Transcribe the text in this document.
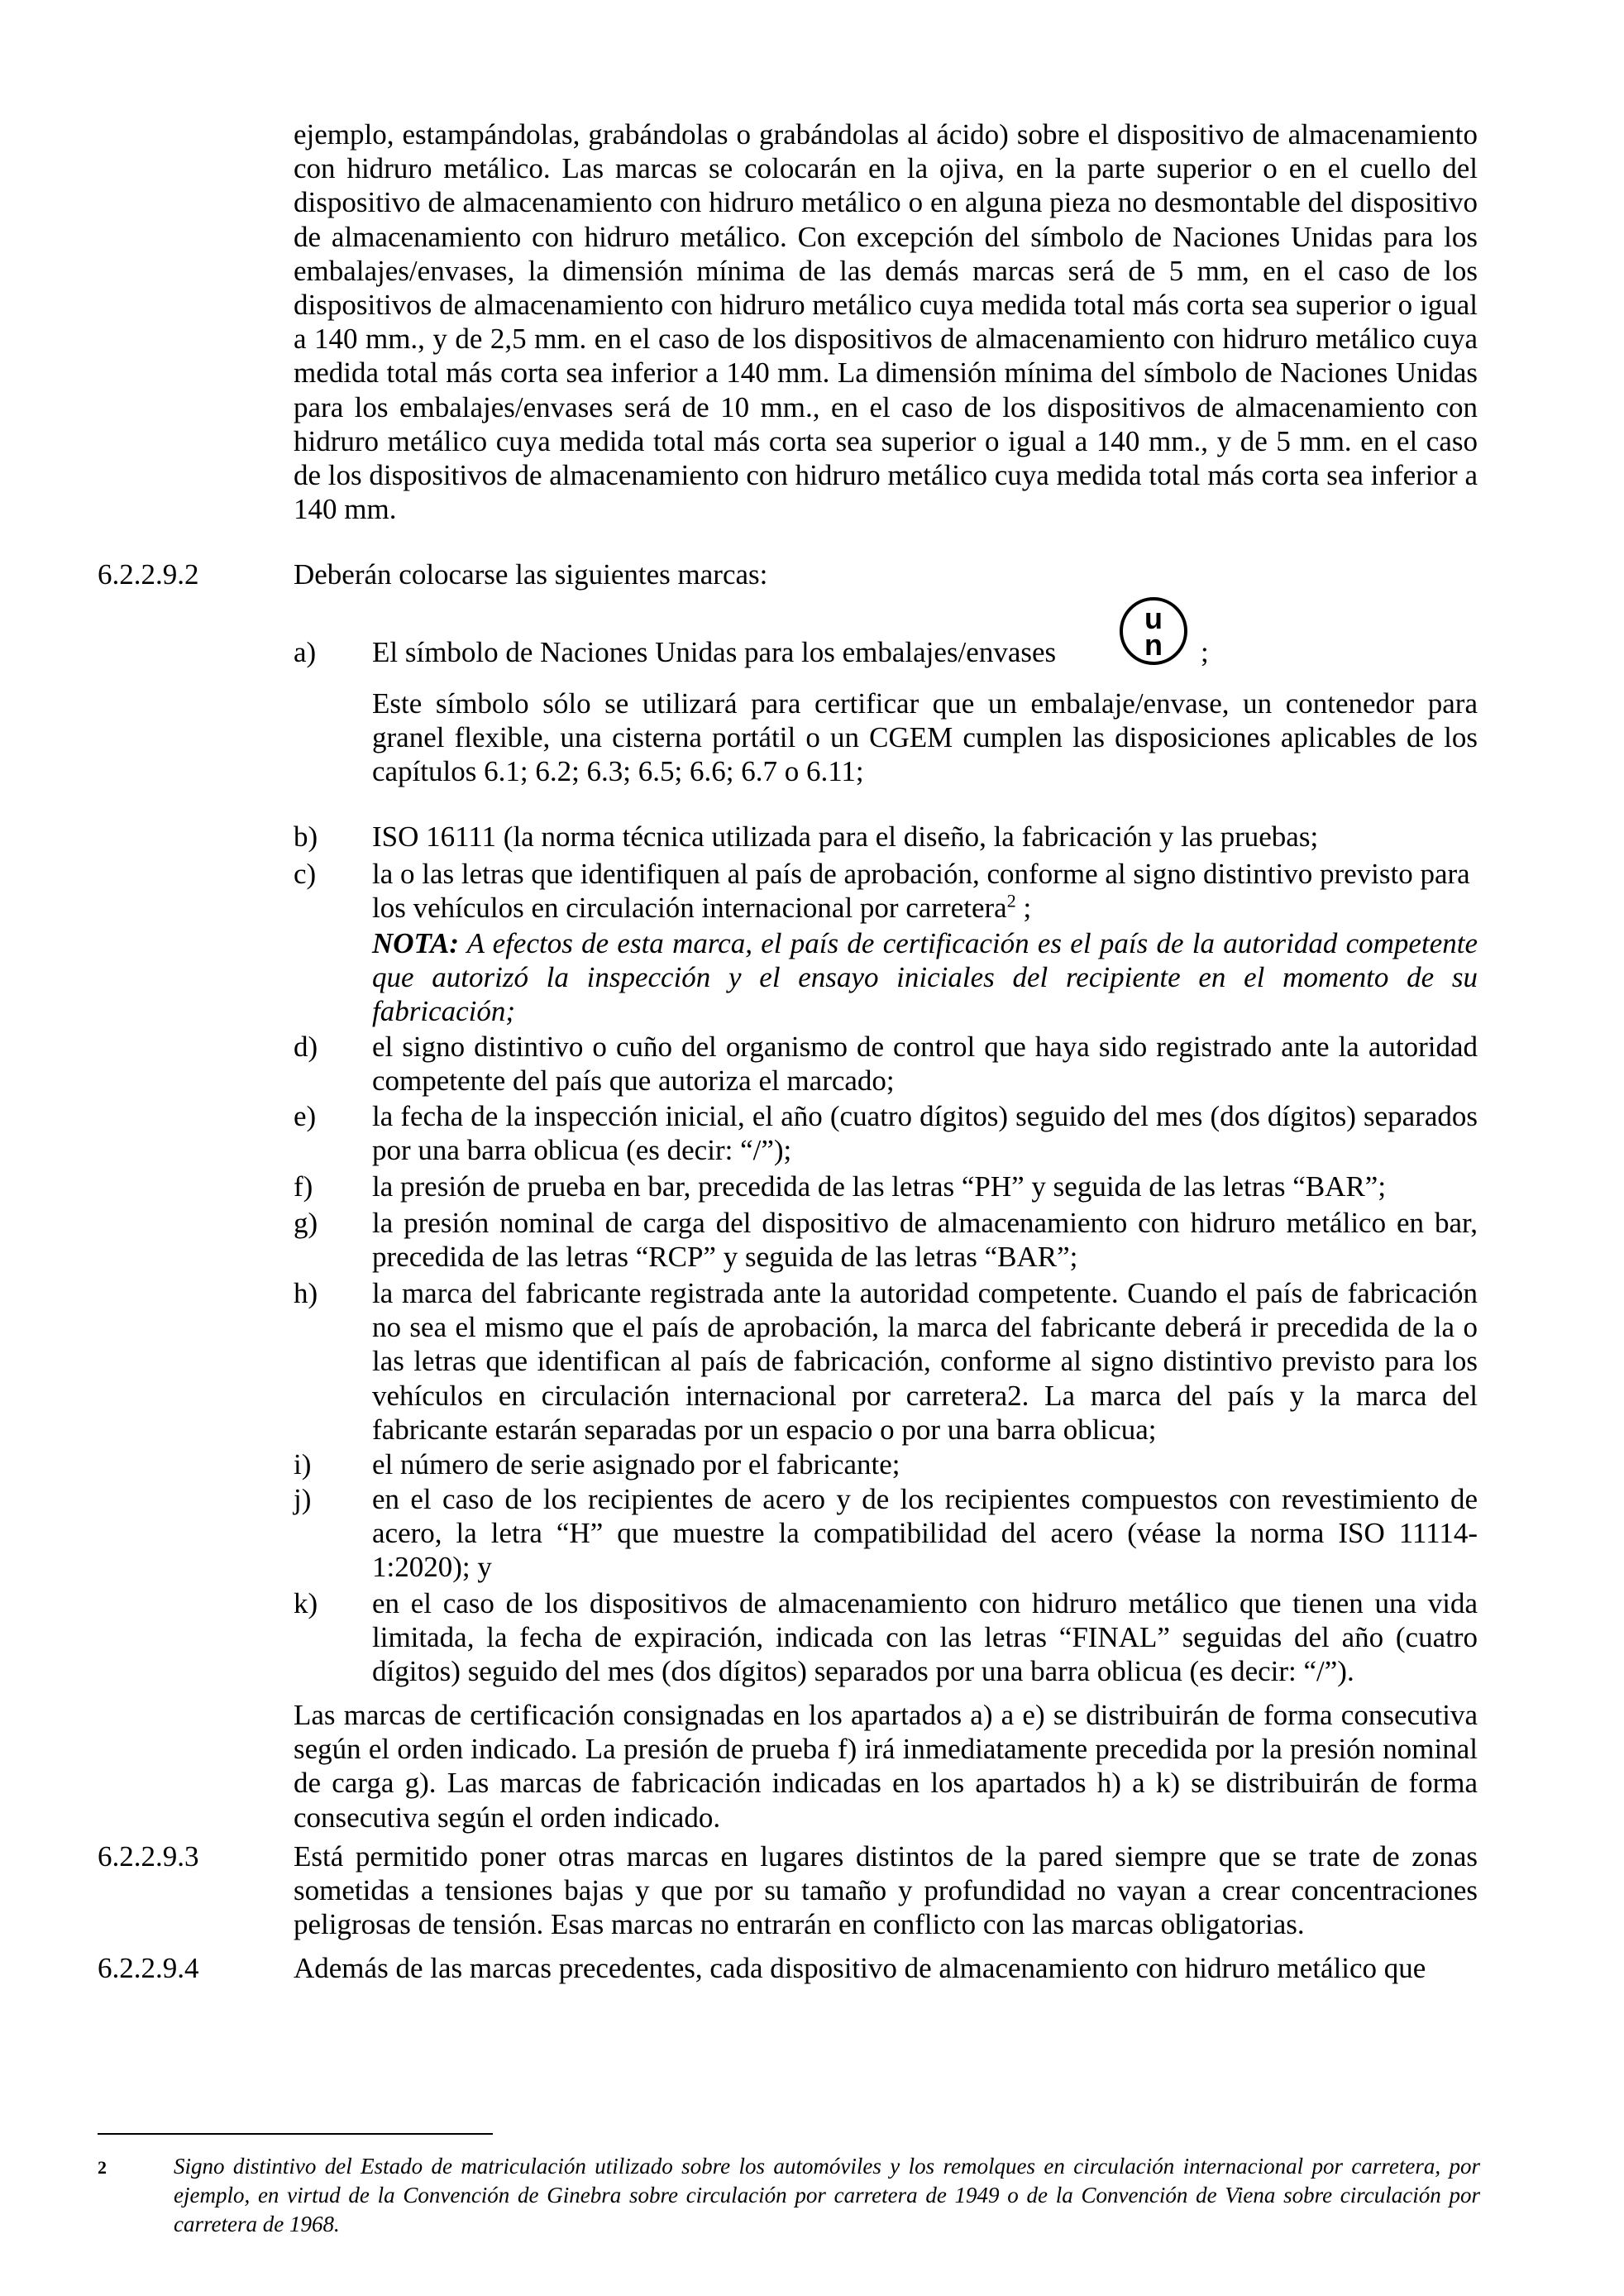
ejemplo, estampándolas, grabándolas o grabándolas al ácido) sobre el dispositivo de almacenamiento con hidruro metálico. Las marcas se colocarán en la ojiva, en la parte superior o en el cuello del dispositivo de almacenamiento con hidruro metálico o en alguna pieza no desmontable del dispositivo de almacenamiento con hidruro metálico. Con excepción del símbolo de Naciones Unidas para los embalajes/envases, la dimensión mínima de las demás marcas será de 5 mm, en el caso de los dispositivos de almacenamiento con hidruro metálico cuya medida total más corta sea superior o igual a 140 mm., y de 2,5 mm. en el caso de los dispositivos de almacenamiento con hidruro metálico cuya medida total más corta sea inferior a 140 mm. La dimensión mínima del símbolo de Naciones Unidas para los embalajes/envases será de 10 mm., en el caso de los dispositivos de almacenamiento con hidruro metálico cuya medida total más corta sea superior o igual a 140 mm., y de 5 mm. en el caso de los dispositivos de almacenamiento con hidruro metálico cuya medida total más corta sea inferior a 140 mm.

6.2.2.9.2	Deberán colocarse las siguientes marcas:

a) El símbolo de Naciones Unidas para los embalajes/envases

u
n ;

Este símbolo sólo se utilizará para certificar que un embalaje/envase, un contenedor para granel flexible, una cisterna portátil o un CGEM cumplen las disposiciones aplicables de los capítulos 6.1; 6.2; 6.3; 6.5; 6.6; 6.7 o 6.11;

b) ISO 16111 (la norma técnica utilizada para el diseño, la fabricación y las pruebas;

c) la o las letras que identifiquen al país de aprobación, conforme al signo distintivo previsto para los vehículos en circulación internacional por carretera$^2$ ;

NOTA: A efectos de esta marca, el país de certificación es el país de la autoridad competente que autorizó la inspección y el ensayo iniciales del recipiente en el momento de su fabricación;

d) el signo distintivo o cuño del organismo de control que haya sido registrado ante la autoridad competente del país que autoriza el marcado;

e) la fecha de la inspección inicial, el año (cuatro dígitos) seguido del mes (dos dígitos) separados por una barra oblicua (es decir: “/”);

f) la presión de prueba en bar, precedida de las letras “PH” y seguida de las letras “BAR”;

g) la presión nominal de carga del dispositivo de almacenamiento con hidruro metálico en bar, precedida de las letras “RCP” y seguida de las letras “BAR”;

h) la marca del fabricante registrada ante la autoridad competente. Cuando el país de fabricación no sea el mismo que el país de aprobación, la marca del fabricante deberá ir precedida de la o las letras que identifican al país de fabricación, conforme al signo distintivo previsto para los vehículos en circulación internacional por carretera2. La marca del país y la marca del fabricante estarán separadas por un espacio o por una barra oblicua;

i) el número de serie asignado por el fabricante;

j) en el caso de los recipientes de acero y de los recipientes compuestos con revestimiento de acero, la letra “H” que muestre la compatibilidad del acero (véase la norma ISO 11114-1:2020); y

k) en el caso de los dispositivos de almacenamiento con hidruro metálico que tienen una vida limitada, la fecha de expiración, indicada con las letras “FINAL” seguidas del año (cuatro dígitos) seguido del mes (dos dígitos) separados por una barra oblicua (es decir: “/”).

Las marcas de certificación consignadas en los apartados a) a e) se distribuirán de forma consecutiva según el orden indicado. La presión de prueba f) irá inmediatamente precedida por la presión nominal de carga g). Las marcas de fabricación indicadas en los apartados h) a k) se distribuirán de forma consecutiva según el orden indicado.

6.2.2.9.3	Está permitido poner otras marcas en lugares distintos de la pared siempre que se trate de zonas sometidas a tensiones bajas y que por su tamaño y profundidad no vayan a crear concentraciones peligrosas de tensión. Esas marcas no entrarán en conflicto con las marcas obligatorias.

6.2.2.9.4	Además de las marcas precedentes, cada dispositivo de almacenamiento con hidruro metálico que

2	Signo distintivo del Estado de matriculación utilizado sobre los automóviles y los remolques en circulación internacional por carretera, por ejemplo, en virtud de la Convención de Ginebra sobre circulación por carretera de 1949 o de la Convención de Viena sobre circulación por carretera de 1968.
